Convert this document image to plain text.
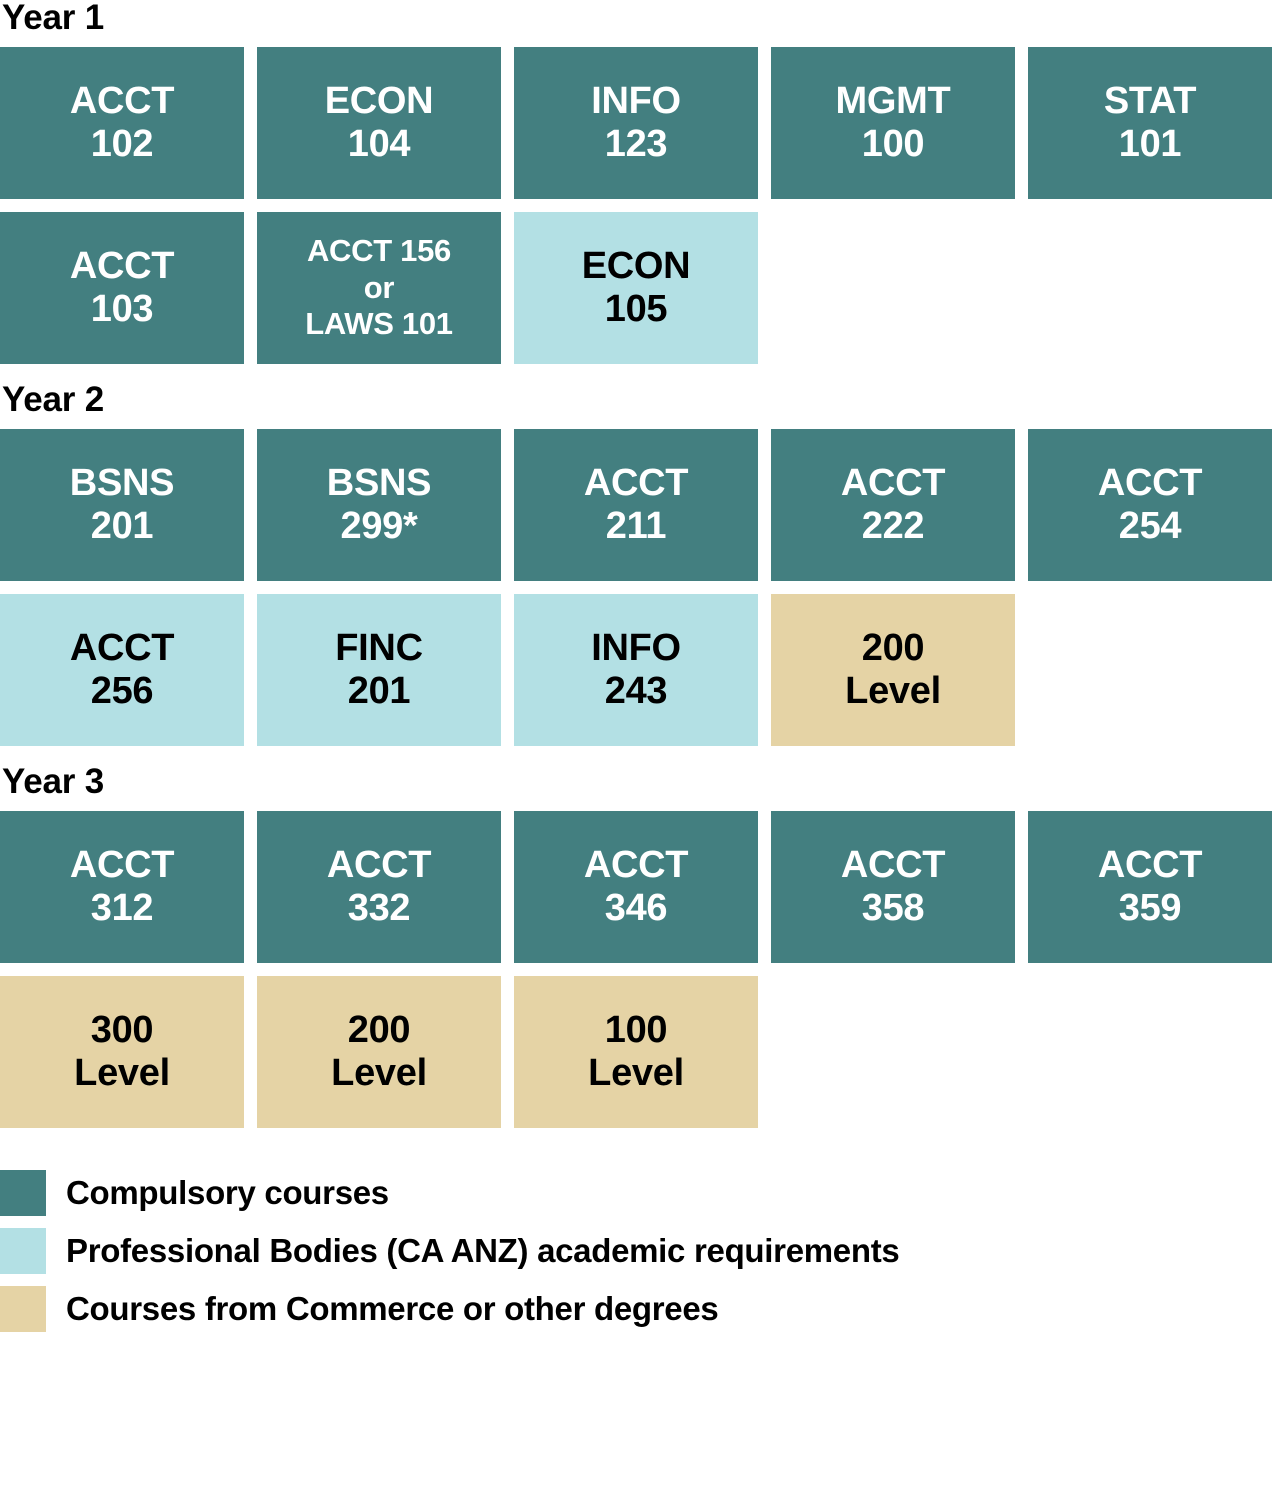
Year 1
ACCT
102
ECON
104
INFO
123
MGMT
100
STAT
101
ACCT
103
ACCT 156
or
LAWS 101
ECON
105
Year 2
BSNS
201
BSNS
299*
ACCT
211
ACCT
222
ACCT
254
ACCT
256
FINC
201
INFO
243
200
Level
Year 3
ACCT
312
ACCT
332
ACCT
346
ACCT
358
ACCT
359
300
Level
200
Level
100
Level
Compulsory courses
Professional Bodies (CA ANZ) academic requirements
Courses from Commerce or other degrees
